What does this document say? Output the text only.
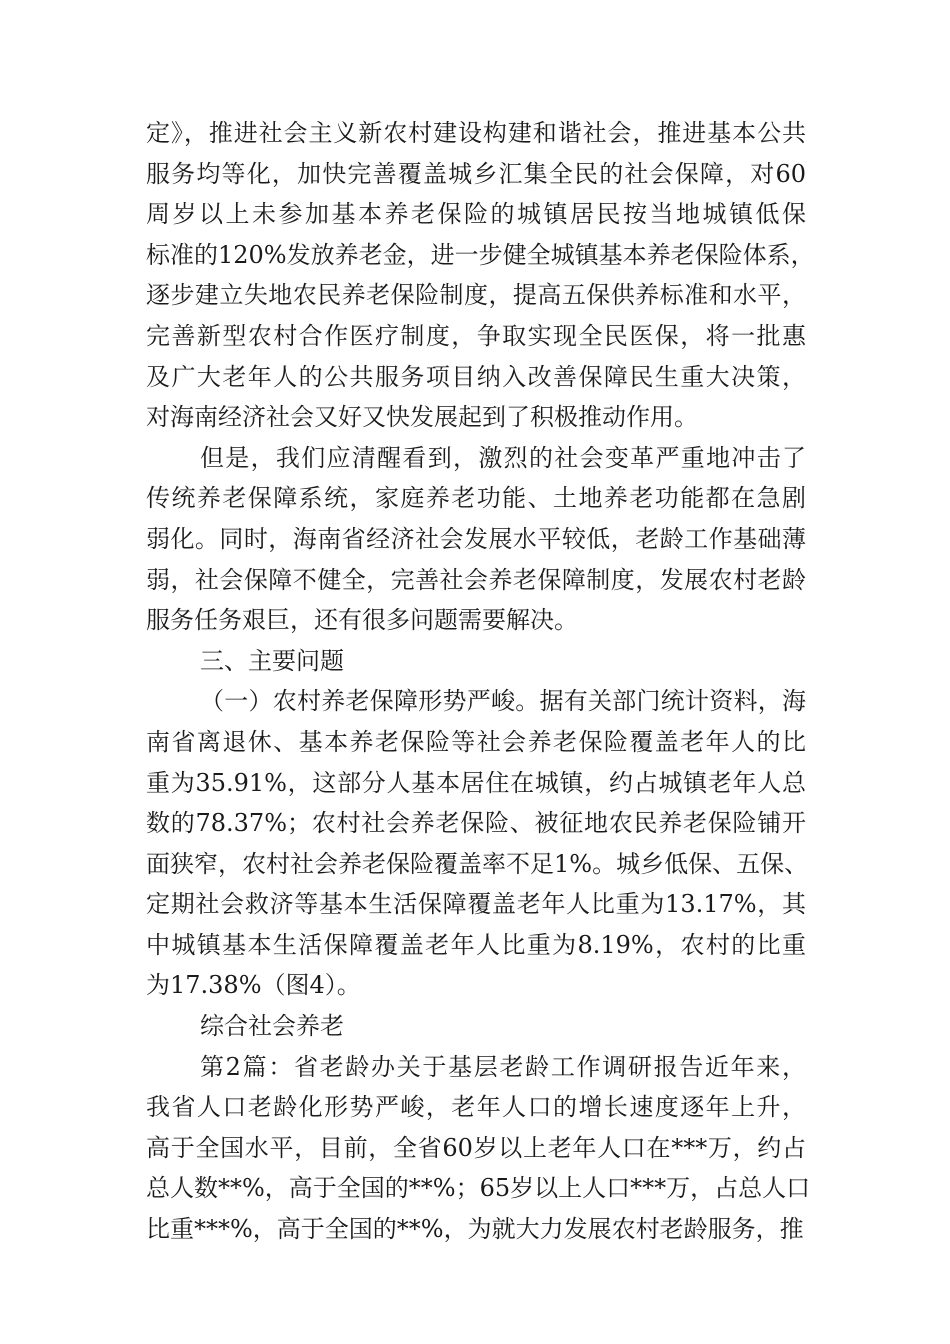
定》，推进社会主义新农村建设构建和谐社会，推进基本公共
服务均等化，加快完善覆盖城乡汇集全民的社会保障，对60
周岁以上未参加基本养老保险的城镇居民按当地城镇低保
标准的120%发放养老金，进一步健全城镇基本养老保险体系，
逐步建立失地农民养老保险制度，提高五保供养标准和水平，
完善新型农村合作医疗制度，争取实现全民医保，将一批惠
及广大老年人的公共服务项目纳入改善保障民生重大决策，
对海南经济社会又好又快发展起到了积极推动作用。
但是，我们应清醒看到，激烈的社会变革严重地冲击了
传统养老保障系统，家庭养老功能、土地养老功能都在急剧
弱化。同时，海南省经济社会发展水平较低，老龄工作基础薄
弱，社会保障不健全，完善社会养老保障制度，发展农村老龄
服务任务艰巨，还有很多问题需要解决。
三、主要问题
（一）农村养老保障形势严峻。据有关部门统计资料，海
南省离退休、基本养老保险等社会养老保险覆盖老年人的比
重为35.91%，这部分人基本居住在城镇，约占城镇老年人总
数的78.37%；农村社会养老保险、被征地农民养老保险铺开
面狭窄，农村社会养老保险覆盖率不足1%。城乡低保、五保、
定期社会救济等基本生活保障覆盖老年人比重为13.17%，其
中城镇基本生活保障覆盖老年人比重为8.19%，农村的比重
为17.38%（图4）。
综合社会养老
第2篇：省老龄办关于基层老龄工作调研报告近年来，
我省人口老龄化形势严峻，老年人口的增长速度逐年上升，
高于全国水平，目前，全省60岁以上老年人口在***万，约占
总人数**%，高于全国的**%；65岁以上人口***万，占总人口
比重***%，高于全国的**%，为就大力发展农村老龄服务，推
